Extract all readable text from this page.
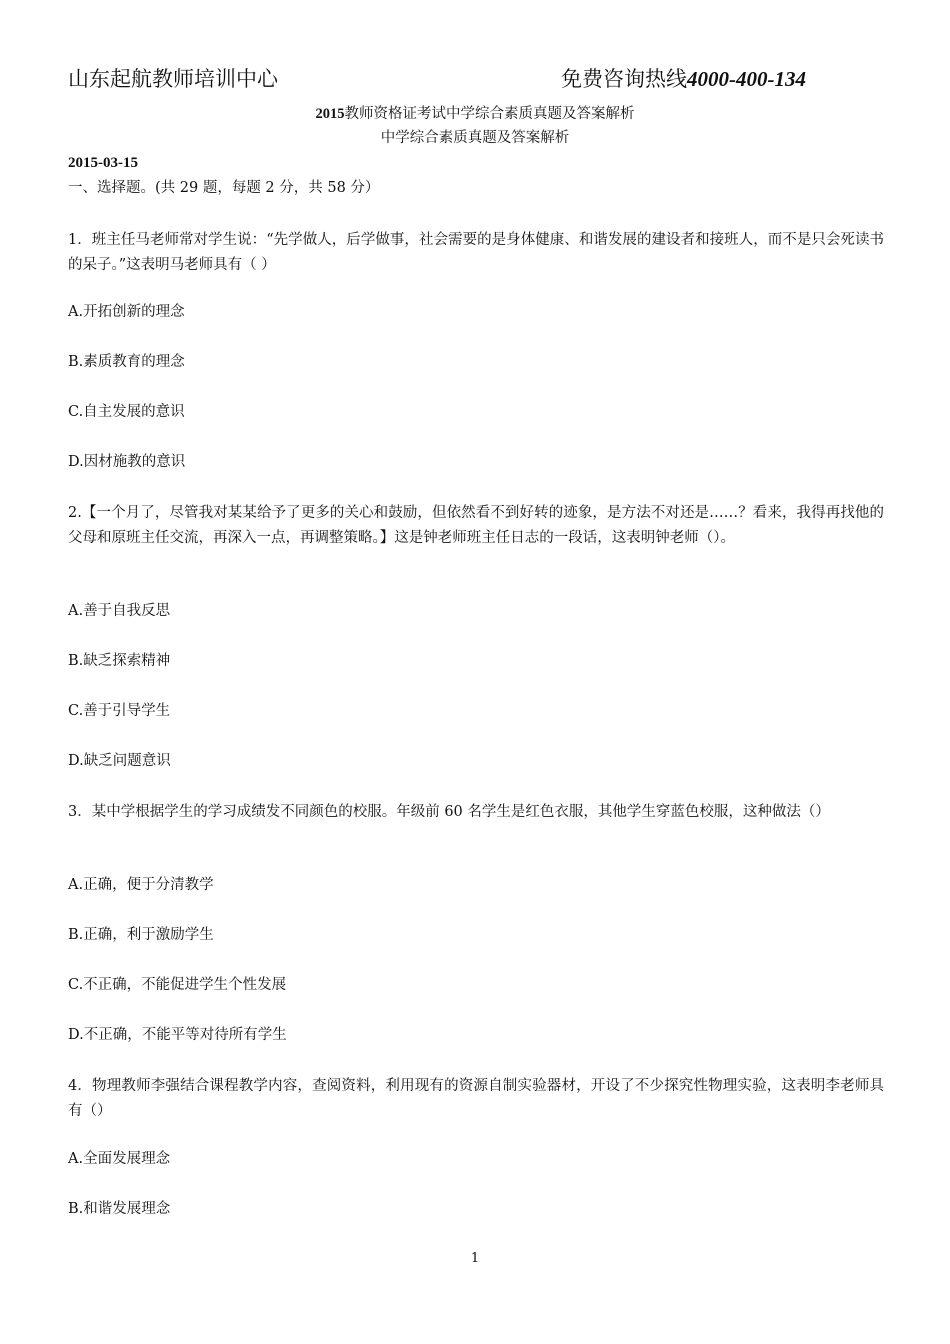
山东起航教师培训中心	免费咨询热线4000-400-134
2015教师资格证考试中学综合素质真题及答案解析
中学综合素质真题及答案解析
2015-03-15
一、选择题。(共 29 题，每题 2 分，共 58 分）
1．班主任马老师常对学生说：“先学做人，后学做事，社会需要的是身体健康、和谐发展的建设者和接班人，而不是只会死读书的呆子。”这表明马老师具有（ ）
A.开拓创新的理念
B.素质教育的理念
C.自主发展的意识
D.因材施教的意识
2.【一个月了，尽管我对某某给予了更多的关心和鼓励，但依然看不到好转的迹象，是方法不对还是……？看来，我得再找他的父母和原班主任交流，再深入一点，再调整策略。】这是钟老师班主任日志的一段话，这表明钟老师（）。
A.善于自我反思
B.缺乏探索精神
C.善于引导学生
D.缺乏问题意识
3．某中学根据学生的学习成绩发不同颜色的校服。年级前 60 名学生是红色衣服，其他学生穿蓝色校服，这种做法（）
A.正确，便于分清教学
B.正确，利于激励学生
C.不正确，不能促进学生个性发展
D.不正确，不能平等对待所有学生
4．物理教师李强结合课程教学内容，查阅资料，利用现有的资源自制实验器材，开设了不少探究性物理实验，这表明李老师具有（）
A.全面发展理念
B.和谐发展理念
1
